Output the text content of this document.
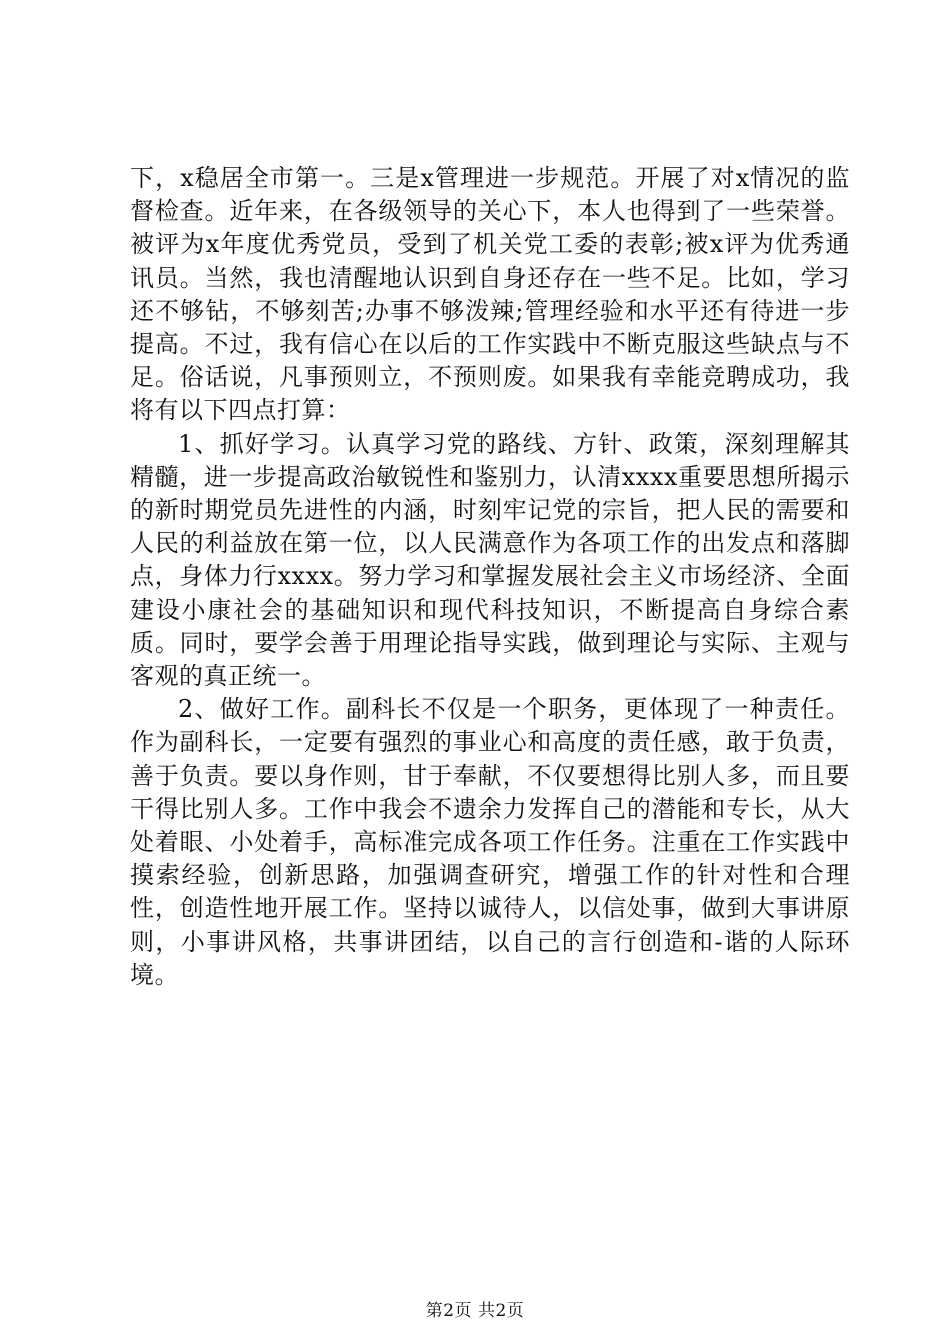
下，x稳居全市第一。三是x管理进一步规范。开展了对x情况的监督检查。近年来，在各级领导的关心下，本人也得到了一些荣誉。被评为x年度优秀党员，受到了机关党工委的表彰;被x评为优秀通讯员。当然，我也清醒地认识到自身还存在一些不足。比如，学习还不够钻，不够刻苦;办事不够泼辣;管理经验和水平还有待进一步提高。不过，我有信心在以后的工作实践中不断克服这些缺点与不足。俗话说，凡事预则立，不预则废。如果我有幸能竞聘成功，我将有以下四点打算：

1、抓好学习。认真学习党的路线、方针、政策，深刻理解其精髓，进一步提高政治敏锐性和鉴别力，认清xxxx重要思想所揭示的新时期党员先进性的内涵，时刻牢记党的宗旨，把人民的需要和人民的利益放在第一位，以人民满意作为各项工作的出发点和落脚点，身体力行xxxx。努力学习和掌握发展社会主义市场经济、全面建设小康社会的基础知识和现代科技知识，不断提高自身综合素质。同时，要学会善于用理论指导实践，做到理论与实际、主观与客观的真正统一。

2、做好工作。副科长不仅是一个职务，更体现了一种责任。作为副科长，一定要有强烈的事业心和高度的责任感，敢于负责，善于负责。要以身作则，甘于奉献，不仅要想得比别人多，而且要干得比别人多。工作中我会不遗余力发挥自己的潜能和专长，从大处着眼、小处着手，高标准完成各项工作任务。注重在工作实践中摸索经验，创新思路，加强调查研究，增强工作的针对性和合理性，创造性地开展工作。坚持以诚待人，以信处事，做到大事讲原则，小事讲风格，共事讲团结，以自己的言行创造和-谐的人际环境。

第2页 共2页
